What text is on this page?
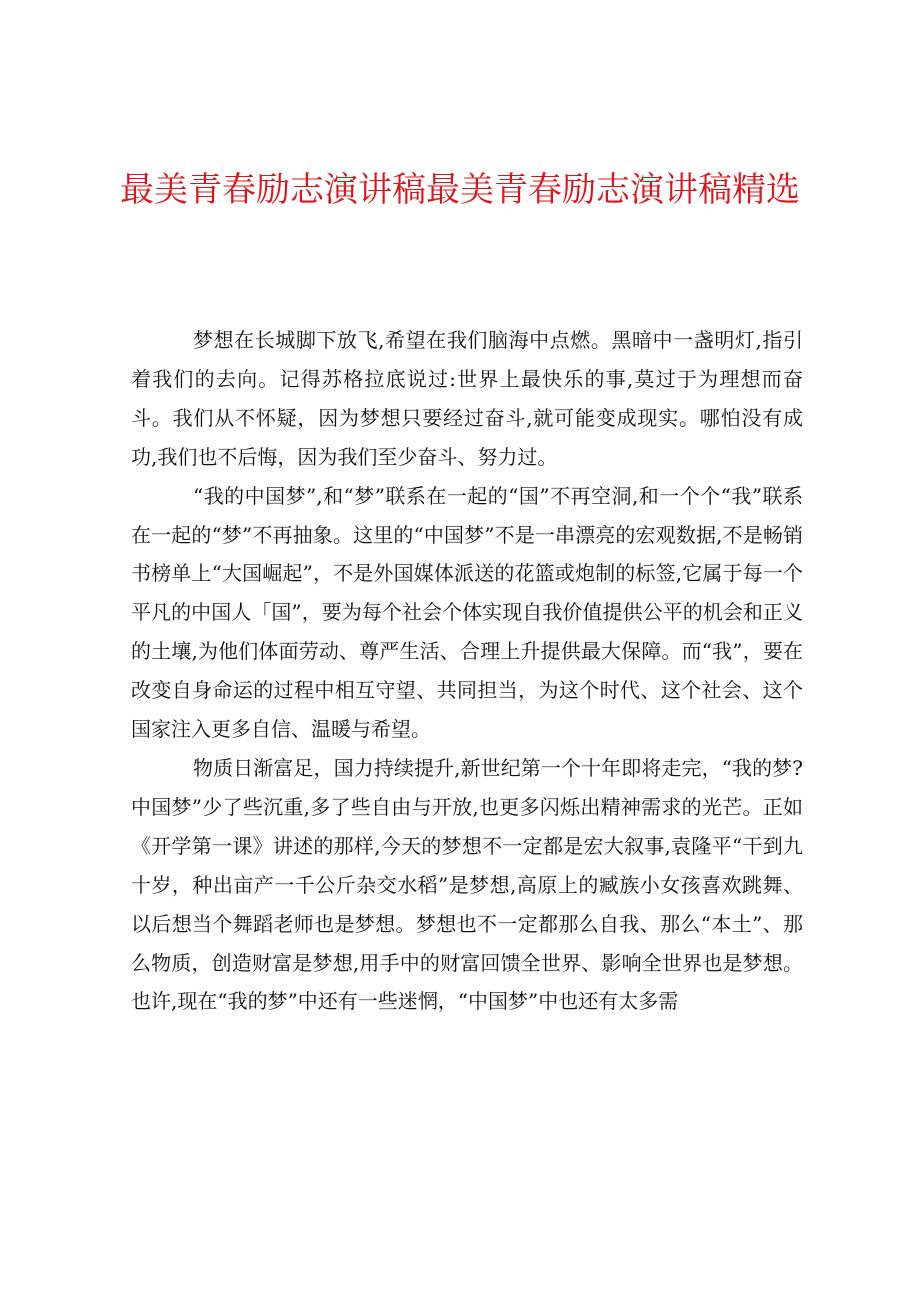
最美青春励志演讲稿最美青春励志演讲稿精选

梦想在长城脚下放飞,希望在我们脑海中点燃。黑暗中一盏明灯,指引着我们的去向。记得苏格拉底说过:世界上最快乐的事,莫过于为理想而奋斗。我们从不怀疑，因为梦想只要经过奋斗,就可能变成现实。哪怕没有成功,我们也不后悔，因为我们至少奋斗、努力过。

“我的中国梦”,和“梦”联系在一起的“国”不再空洞,和一个个“我”联系在一起的“梦”不再抽象。这里的“中国梦”不是一串漂亮的宏观数据,不是畅销书榜单上“大国崛起”，不是外国媒体派送的花篮或炮制的标签,它属于每一个平凡的中国人「国”，要为每个社会个体实现自我价值提供公平的机会和正义的土壤,为他们体面劳动、尊严生活、合理上升提供最大保障。而“我”，要在改变自身命运的过程中相互守望、共同担当，为这个时代、这个社会、这个国家注入更多自信、温暖与希望。

物质日渐富足，国力持续提升,新世纪第一个十年即将走完，“我的梦?中国梦”少了些沉重,多了些自由与开放,也更多闪烁出精神需求的光芒。正如《开学第一课》讲述的那样,今天的梦想不一定都是宏大叙事,袁隆平“干到九十岁，种出亩产一千公斤杂交水稻”是梦想,高原上的臧族小女孩喜欢跳舞、以后想当个舞蹈老师也是梦想。梦想也不一定都那么自我、那么“本土”、那么物质，创造财富是梦想,用手中的财富回馈全世界、影响全世界也是梦想。也许,现在“我的梦”中还有一些迷惘，“中国梦”中也还有太多需
